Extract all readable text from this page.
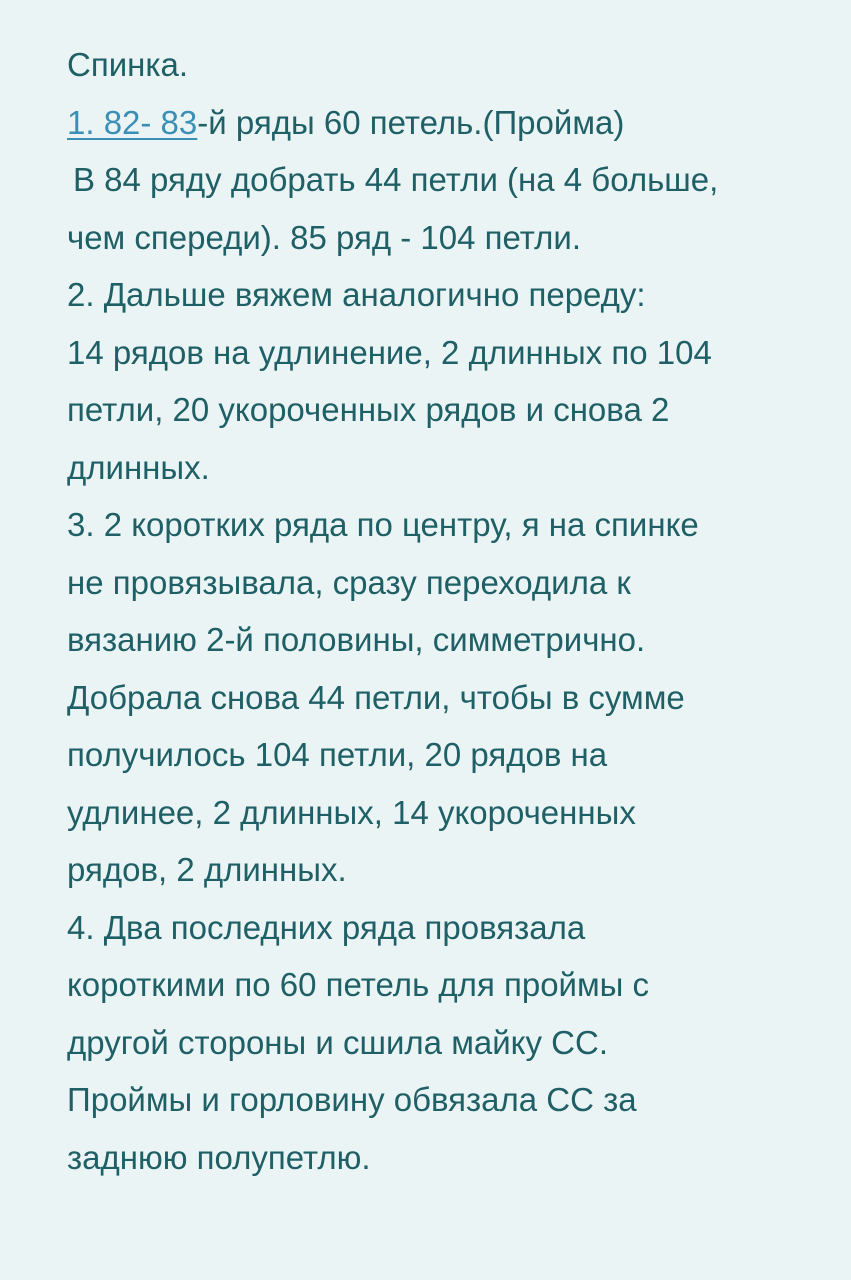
Спинка.
1. 82- 83-й ряды 60 петель.(Пройма)
В 84 ряду добрать 44 петли (на 4 больше,
чем спереди). 85 ряд - 104 петли.
2. Дальше вяжем аналогично переду:
14 рядов на удлинение, 2 длинных по 104
петли, 20 укороченных рядов и снова 2
длинных.
3. 2 коротких ряда по центру, я на спинке
не провязывала, сразу переходила к
вязанию 2-й половины, симметрично.
Добрала снова 44 петли, чтобы в сумме
получилось 104 петли, 20 рядов на
удлинее, 2 длинных, 14 укороченных
рядов, 2 длинных.
4. Два последних ряда провязала
короткими по 60 петель для проймы с
другой стороны и сшила майку СС.
Проймы и горловину обвязала СС за
заднюю полупетлю.
